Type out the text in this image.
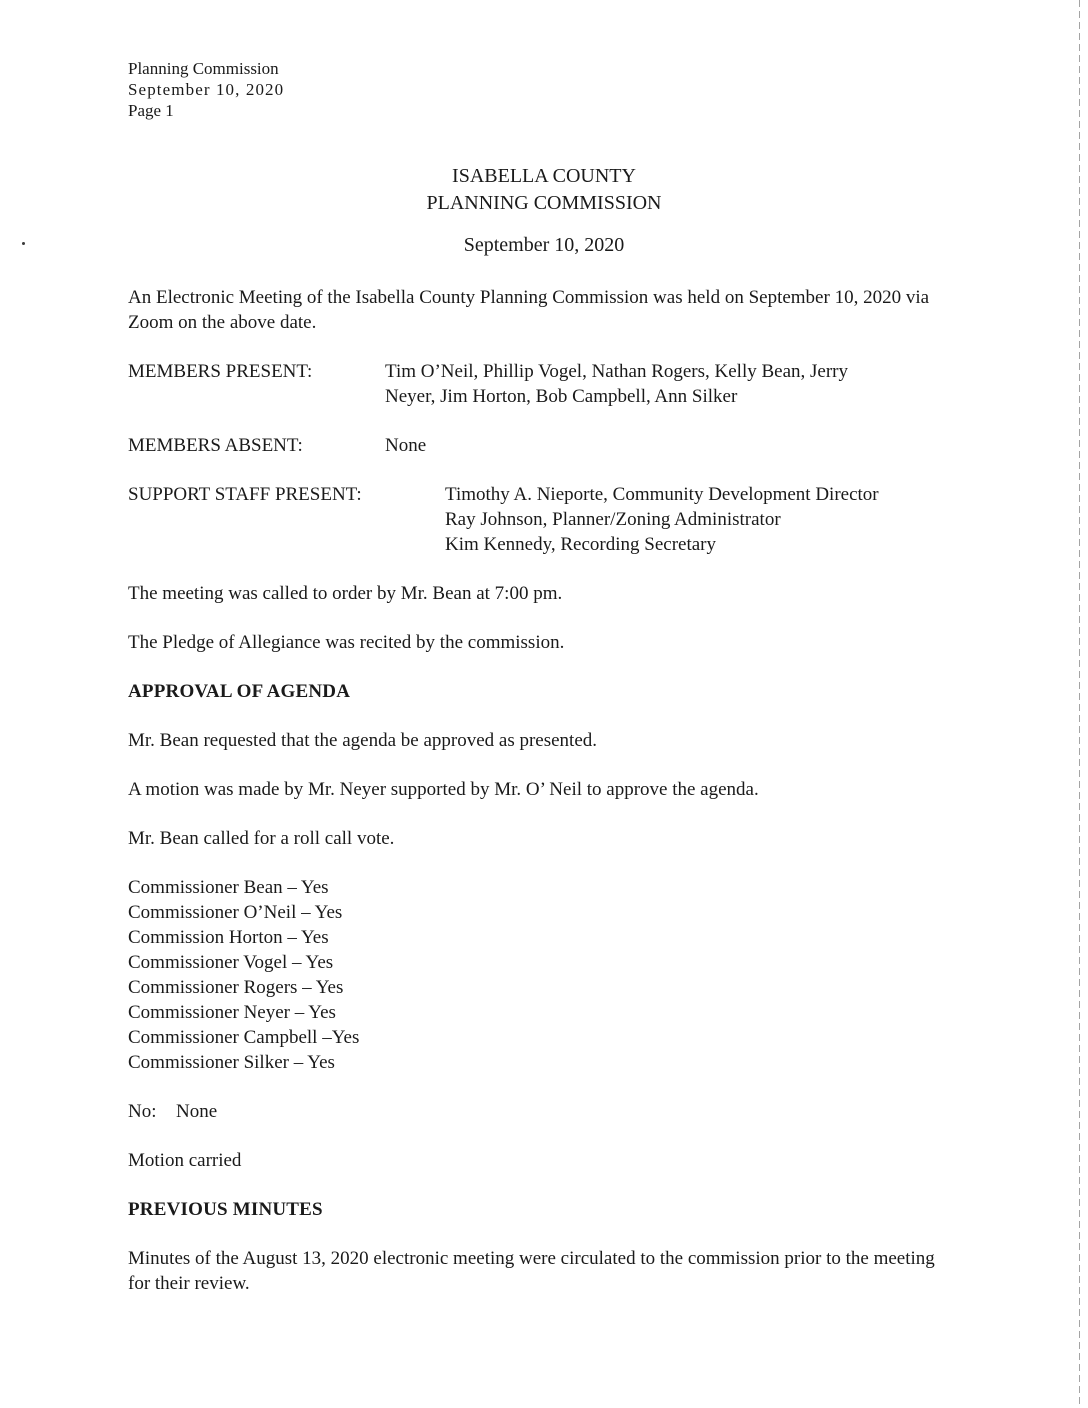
Planning Commission
September 10, 2020
Page 1
ISABELLA COUNTY
PLANNING COMMISSION
September 10, 2020

An Electronic Meeting of the Isabella County Planning Commission was held on September 10, 2020 via Zoom on the above date.

MEMBERS PRESENT:	Tim O’Neil, Phillip Vogel, Nathan Rogers, Kelly Bean, Jerry
Neyer, Jim Horton, Bob Campbell, Ann Silker
MEMBERS ABSENT:	None
SUPPORT STAFF PRESENT:	Timothy A. Nieporte, Community Development Director
Ray Johnson, Planner/Zoning Administrator
Kim Kennedy, Recording Secretary

The meeting was called to order by Mr. Bean at 7:00 pm.

The Pledge of Allegiance was recited by the commission.

APPROVAL OF AGENDA

Mr. Bean requested that the agenda be approved as presented.

A motion was made by Mr. Neyer supported by Mr. O’ Neil to approve the agenda.

Mr. Bean called for a roll call vote.

Commissioner Bean – Yes
Commissioner O’Neil – Yes
Commission Horton – Yes
Commissioner Vogel – Yes
Commissioner Rogers – Yes
Commissioner Neyer – Yes
Commissioner Campbell –Yes
Commissioner Silker – Yes
No:	None

Motion carried

PREVIOUS MINUTES

Minutes of the August 13, 2020 electronic meeting were circulated to the commission prior to the meeting for their review.
